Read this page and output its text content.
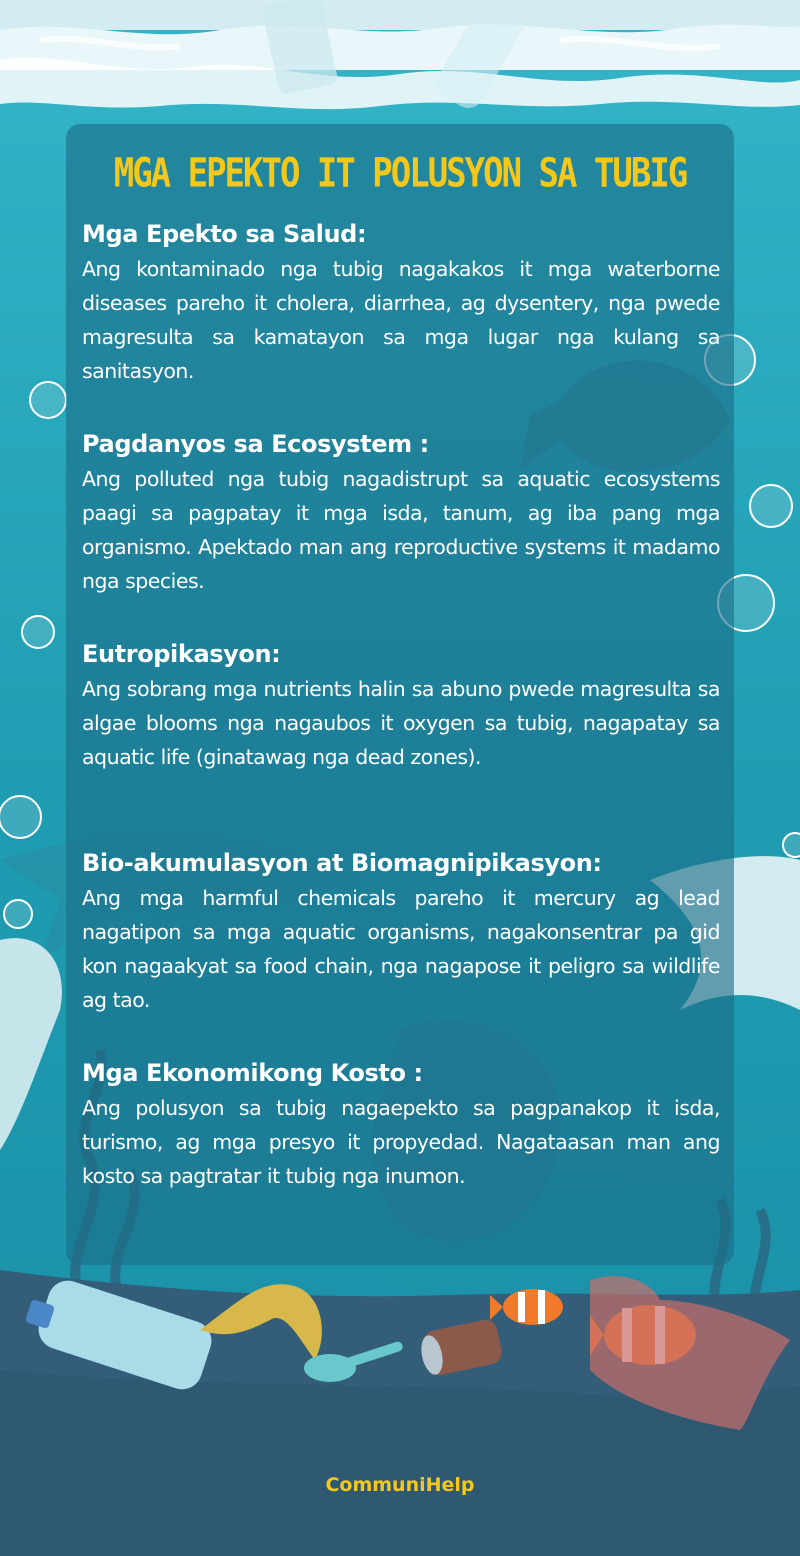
MGA EPEKTO IT POLUSYON SA TUBIG
Mga Epekto sa Salud:

Ang kontaminado nga tubig nagakakos it mga waterborne diseases pareho it cholera, diarrhea, ag dysentery, nga pwede magresulta sa kamatayon sa mga lugar nga kulang sa sanitasyon.

Pagdanyos sa Ecosystem :

Ang polluted nga tubig nagadistrupt sa aquatic ecosystems paagi sa pagpatay it mga isda, tanum, ag iba pang mga organismo. Apektado man ang reproductive systems it madamo nga species.

Eutropikasyon:

Ang sobrang mga nutrients halin sa abuno pwede magresulta sa algae blooms nga nagaubos it oxygen sa tubig, nagapatay sa aquatic life (ginatawag nga dead zones).

Bio-akumulasyon at Biomagnipikasyon:

Ang mga harmful chemicals pareho it mercury ag lead nagatipon sa mga aquatic organisms, nagakonsentrar pa gid kon nagaakyat sa food chain, nga nagapose it peligro sa wildlife ag tao.

Mga Ekonomikong Kosto :

Ang polusyon sa tubig nagaepekto sa pagpanakop it isda, turismo, ag mga presyo it propyedad. Nagataasan man ang kosto sa pagtratar it tubig nga inumon.

CommuniHelp
